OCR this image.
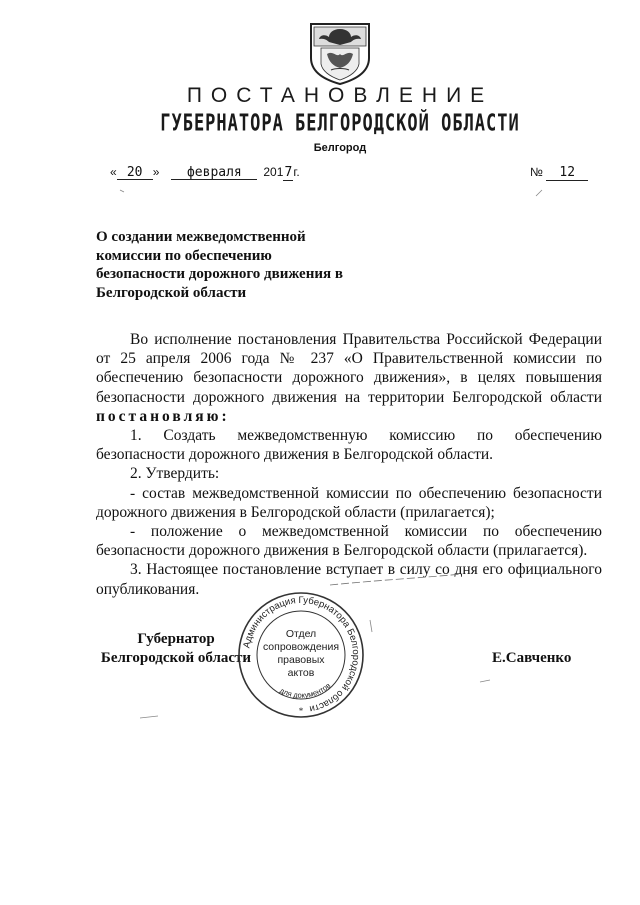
ПОСТАНОВЛЕНИЕ
ГУБЕРНАТОРА БЕЛГОРОДСКОЙ ОБЛАСТИ
Белгород
« 20 » февраля 2017г.	№ 12
О создании межведомственной
комиссии по обеспечению
безопасности дорожного движения в
Белгородской области

Во исполнение постановления Правительства Российской Федерации от 25 апреля 2006 года № 237 «О Правительственной комиссии по обеспечению безопасности дорожного движения», в целях повышения безопасности дорожного движения на территории Белгородской области постановляю:

1. Создать межведомственную комиссию по обеспечению безопасности дорожного движения в Белгородской области.

2. Утвердить:

- состав межведомственной комиссии по обеспечению безопасности дорожного движения в Белгородской области (прилагается);

- положение о межведомственной комиссии по обеспечению безопасности дорожного движения в Белгородской области (прилагается).

3. Настоящее постановление вступает в силу со дня его официального опубликования.

Губернатор
Белгородской области	Е.Савченко
Администрация Губернатора Белгородской области
для документов
*
Отдел
сопровождения
правовых
актов
